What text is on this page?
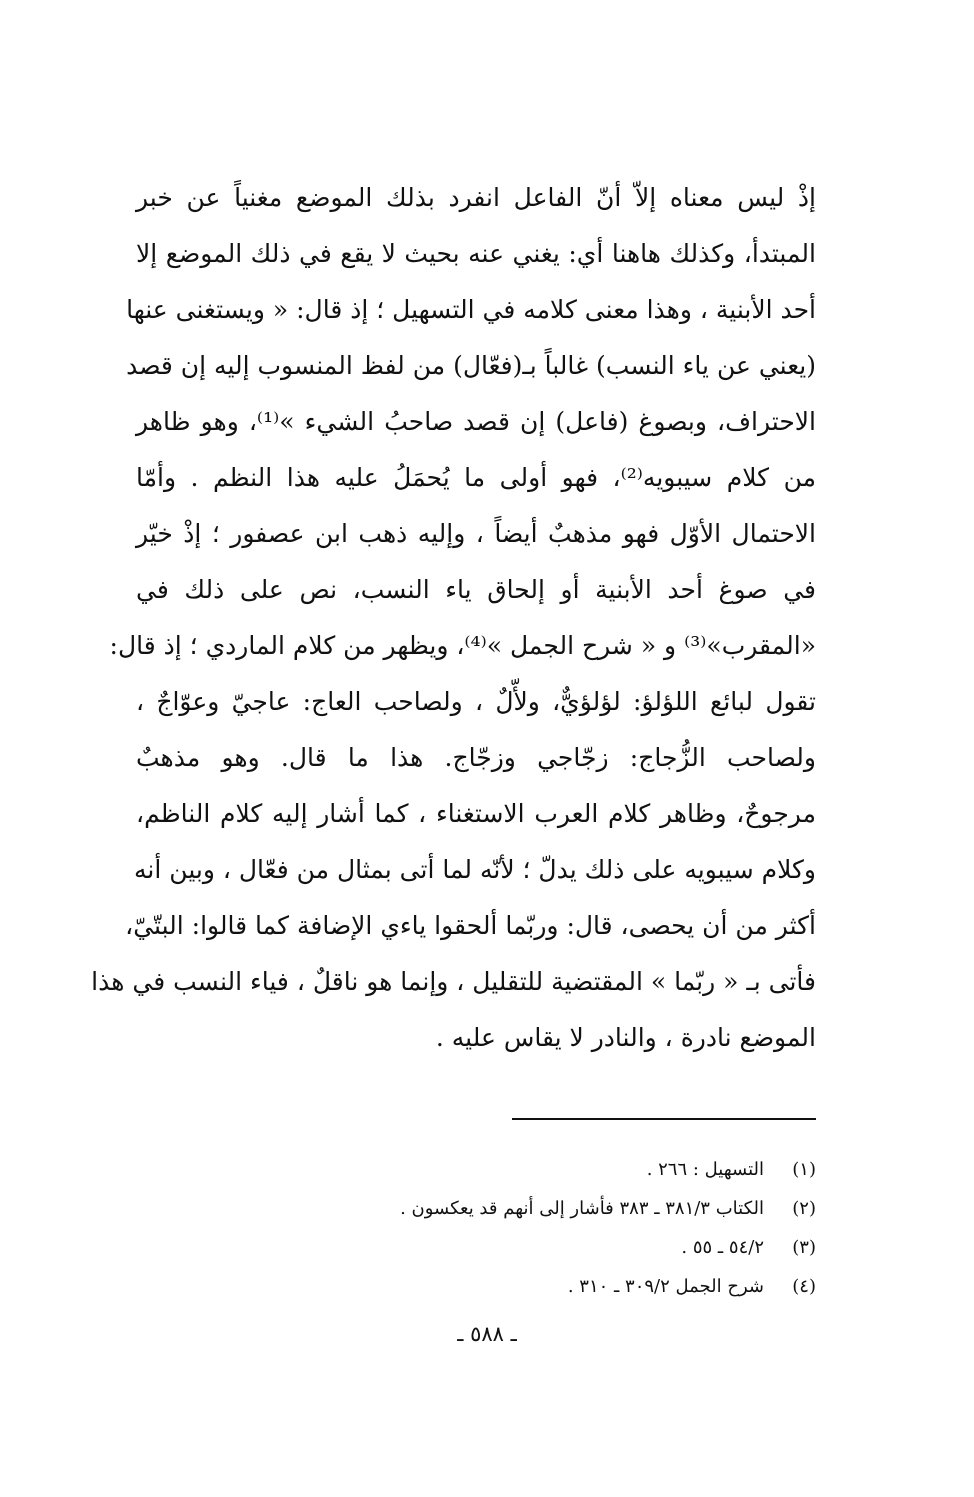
إذْ ليس معناه إلاّ أنّ الفاعل انفرد بذلك الموضع مغنياً عن خبر
المبتدأ، وكذلك هاهنا أي: يغني عنه بحيث لا يقع في ذلك الموضع إلا
أحد الأبنية ، وهذا معنى كلامه في التسهيل ؛ إذ قال: « ويستغنى عنها
(يعني عن ياء النسب) غالباً بـ(فعّال) من لفظ المنسوب إليه إن قصد
الاحتراف، وبصوغ (فاعل) إن قصد صاحبُ الشيء »⁽¹⁾، وهو ظاهر
من كلام سيبويه⁽²⁾، فهو أولى ما يُحمَلُ عليه هذا النظم . وأمّا
الاحتمال الأوّل فهو مذهبٌ أيضاً ، وإليه ذهب ابن عصفور ؛ إذْ خيّر
في صوغ أحد الأبنية أو إلحاق ياء النسب، نص على ذلك في
«المقرب»⁽³⁾ و « شرح الجمل »⁽⁴⁾، ويظهر من كلام الماردي ؛ إذ قال:
تقول لبائع اللؤلؤ: لؤلؤيٌّ، ولأّلٌ ، ولصاحب العاج: عاجيّ وعوّاجٌ ،
ولصاحب الزُّجاج: زجّاجي وزجّاج. هذا ما قال. وهو مذهبٌ
مرجوحٌ، وظاهر كلام العرب الاستغناء ، كما أشار إليه كلام الناظم،
وكلام سيبويه على ذلك يدلّ ؛ لأنّه لما أتى بمثال من فعّال ، وبين أنه
أكثر من أن يحصى، قال: وربّما ألحقوا ياءي الإضافة كما قالوا: البتّيّ،
فأتى بـ « ربّما » المقتضية للتقليل ، وإنما هو ناقلٌ ، فياء النسب في هذا
الموضع نادرة ، والنادر لا يقاس عليه .
(١)
التسهيل : ٢٦٦ .
(٢)
الكتاب ٣٨١/٣ ـ ٣٨٣ فأشار إلى أنهم قد يعكسون .
(٣)
٥٤/٢ ـ ٥٥ .
(٤)
شرح الجمل ٣٠٩/٢ ـ ٣١٠ .
ـ ٥٨٨ ـ
